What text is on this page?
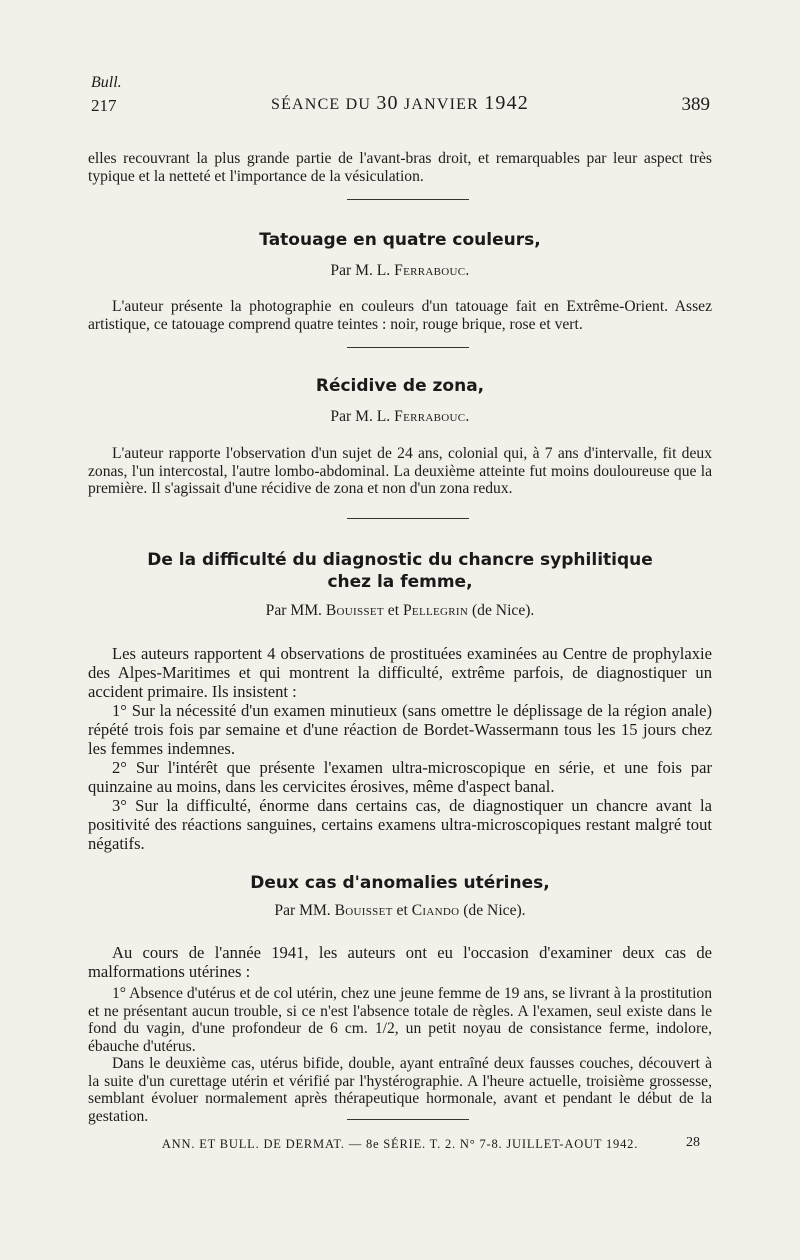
Bull.
217	SÉANCE DU 30 JANVIER 1942	389

elles recouvrant la plus grande partie de l'avant-bras droit, et remarquables par leur aspect très typique et la netteté et l'importance de la vésiculation.

Tatouage en quatre couleurs,
Par M. L. Ferrabouc.

L'auteur présente la photographie en couleurs d'un tatouage fait en Extrême-Orient. Assez artistique, ce tatouage comprend quatre teintes : noir, rouge brique, rose et vert.

Récidive de zona,
Par M. L. Ferrabouc.

L'auteur rapporte l'observation d'un sujet de 24 ans, colonial qui, à 7 ans d'intervalle, fit deux zonas, l'un intercostal, l'autre lombo-abdominal. La deuxième atteinte fut moins douloureuse que la première. Il s'agissait d'une récidive de zona et non d'un zona redux.

De la difficulté du diagnostic du chancre syphilitique
chez la femme,
Par MM. Bouisset et Pellegrin (de Nice).

Les auteurs rapportent 4 observations de prostituées examinées au Centre de prophylaxie des Alpes-Maritimes et qui montrent la difficulté, extrême parfois, de diagnostiquer un accident primaire. Ils insistent :

1° Sur la nécessité d'un examen minutieux (sans omettre le déplissage de la région anale) répété trois fois par semaine et d'une réaction de Bordet-Wassermann tous les 15 jours chez les femmes indemnes.

2° Sur l'intérêt que présente l'examen ultra-microscopique en série, et une fois par quinzaine au moins, dans les cervicites érosives, même d'aspect banal.

3° Sur la difficulté, énorme dans certains cas, de diagnostiquer un chancre avant la positivité des réactions sanguines, certains examens ultra-microscopiques restant malgré tout négatifs.

Deux cas d'anomalies utérines,
Par MM. Bouisset et Ciando (de Nice).

Au cours de l'année 1941, les auteurs ont eu l'occasion d'examiner deux cas de malformations utérines :

1° Absence d'utérus et de col utérin, chez une jeune femme de 19 ans, se livrant à la prostitution et ne présentant aucun trouble, si ce n'est l'absence totale de règles. A l'examen, seul existe dans le fond du vagin, d'une profondeur de 6 cm. 1/2, un petit noyau de consistance ferme, indolore, ébauche d'utérus.

Dans le deuxième cas, utérus bifide, double, ayant entraîné deux fausses couches, découvert à la suite d'un curettage utérin et vérifié par l'hystérographie. A l'heure actuelle, troisième grossesse, semblant évoluer normalement après thérapeutique hormonale, avant et pendant le début de la gestation.

ANN. ET BULL. DE DERMAT. — 8e SÉRIE. T. 2. N° 7-8. JUILLET-AOUT 1942.	28
